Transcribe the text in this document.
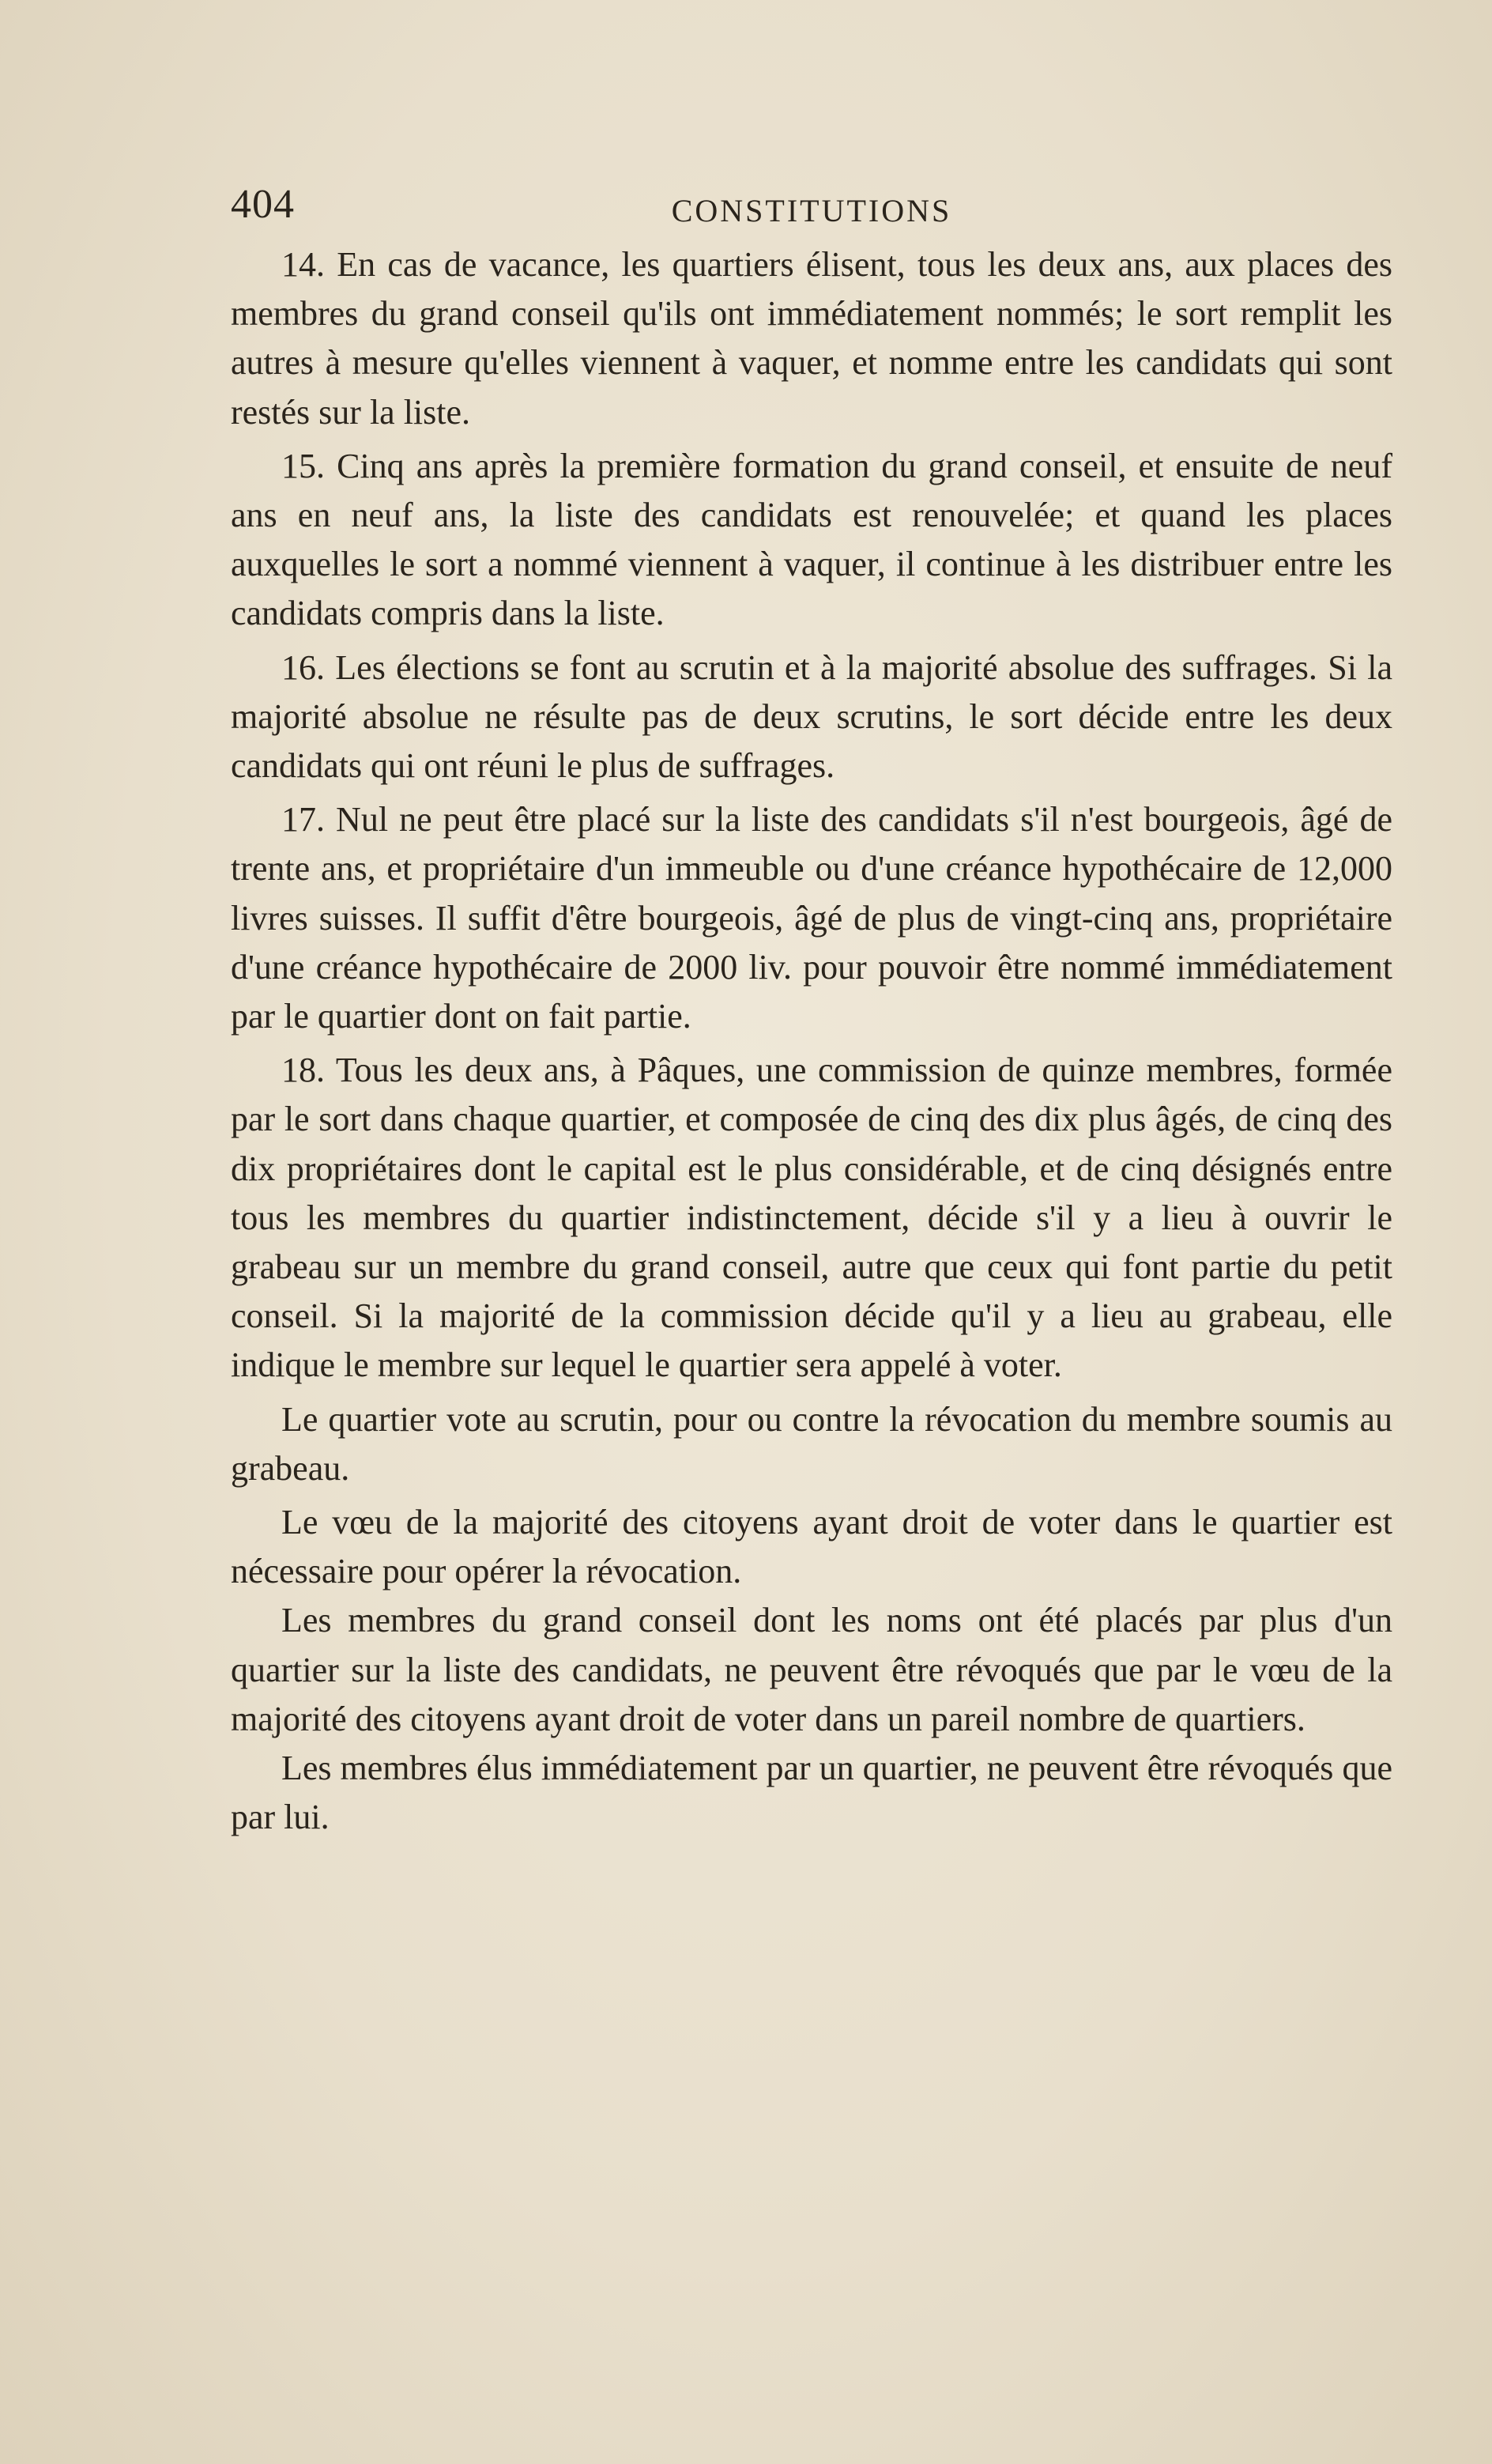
404	CONSTITUTIONS

14. En cas de vacance, les quartiers élisent, tous les deux ans, aux places des membres du grand conseil qu'ils ont immédiatement nommés; le sort remplit les autres à mesure qu'elles viennent à vaquer, et nomme entre les candidats qui sont restés sur la liste.

15. Cinq ans après la première formation du grand conseil, et ensuite de neuf ans en neuf ans, la liste des candidats est renouvelée; et quand les places auxquelles le sort a nommé viennent à vaquer, il continue à les distribuer entre les candidats compris dans la liste.

16. Les élections se font au scrutin et à la majorité absolue des suffrages. Si la majorité absolue ne résulte pas de deux scrutins, le sort décide entre les deux candidats qui ont réuni le plus de suffrages.

17. Nul ne peut être placé sur la liste des candidats s'il n'est bourgeois, âgé de trente ans, et propriétaire d'un immeuble ou d'une créance hypothécaire de 12,000 livres suisses. Il suffit d'être bourgeois, âgé de plus de vingt-cinq ans, propriétaire d'une créance hypothécaire de 2000 liv. pour pouvoir être nommé immédiatement par le quartier dont on fait partie.

18. Tous les deux ans, à Pâques, une commission de quinze membres, formée par le sort dans chaque quartier, et composée de cinq des dix plus âgés, de cinq des dix propriétaires dont le capital est le plus considérable, et de cinq désignés entre tous les membres du quartier indistinctement, décide s'il y a lieu à ouvrir le grabeau sur un membre du grand conseil, autre que ceux qui font partie du petit conseil. Si la majorité de la commission décide qu'il y a lieu au grabeau, elle indique le membre sur lequel le quartier sera appelé à voter.

Le quartier vote au scrutin, pour ou contre la révocation du membre soumis au grabeau.

Le vœu de la majorité des citoyens ayant droit de voter dans le quartier est nécessaire pour opérer la révocation.

Les membres du grand conseil dont les noms ont été placés par plus d'un quartier sur la liste des candidats, ne peuvent être révoqués que par le vœu de la majorité des citoyens ayant droit de voter dans un pareil nombre de quartiers.

Les membres élus immédiatement par un quartier, ne peuvent être révoqués que par lui.
